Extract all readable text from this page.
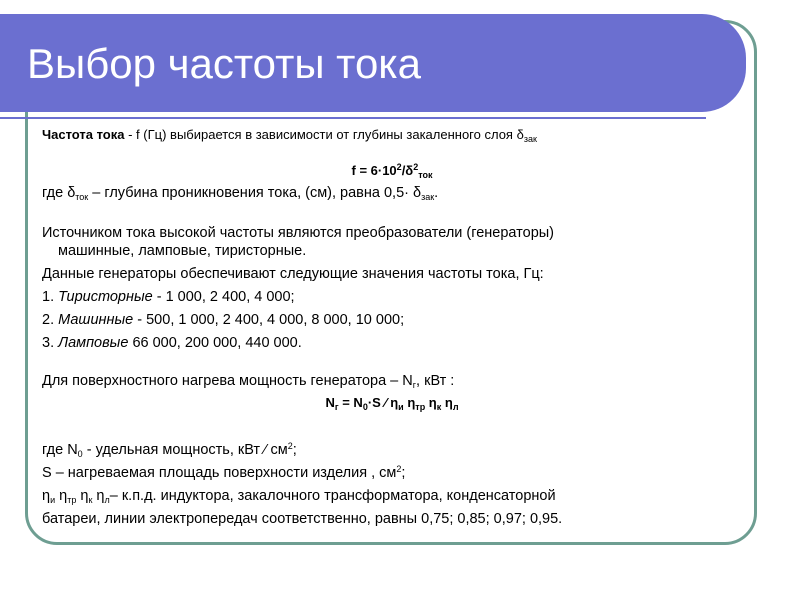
Выбор частоты тока

Частота тока - f (Гц) выбирается в зависимости от глубины закаленного слоя $\delta_{зак}$

$f = 6\cdot 10^2/\delta^2_{ток}$

где $\delta_{ток}$ – глубина проникновения тока, (см), равна $0,5\cdot \delta_{зак}$.

Источником тока высокой частоты являются преобразователи (генераторы)

машинные, ламповые, тиристорные.

Данные генераторы обеспечивают следующие значения частоты тока, Гц:

1. Тиристорные - 1 000, 2 400, 4 000;

2. Машинные - 500, 1 000, 2 400, 4 000, 8 000, 10 000;

3. Ламповые 66 000, 200 000, 440 000.

Для поверхностного нагрева мощность генератора – $N_г$, кВт :

$N_г = N_0\cdot S$ ⁄ $\eta_и$ $\eta_{тр}$ $\eta_к$ $\eta_л$

где $N_0$ - удельная мощность, кВт ⁄ $см^2$;

S – нагреваемая площадь поверхности изделия , $см^2$;

$\eta_и$ $\eta_{тр}$ $\eta_к$ $\eta_л-$ к.п.д. индуктора, закалочного трансформатора, конденсаторной

батареи, линии электропередач соответственно, равны 0,75; 0,85; 0,97; 0,95.
